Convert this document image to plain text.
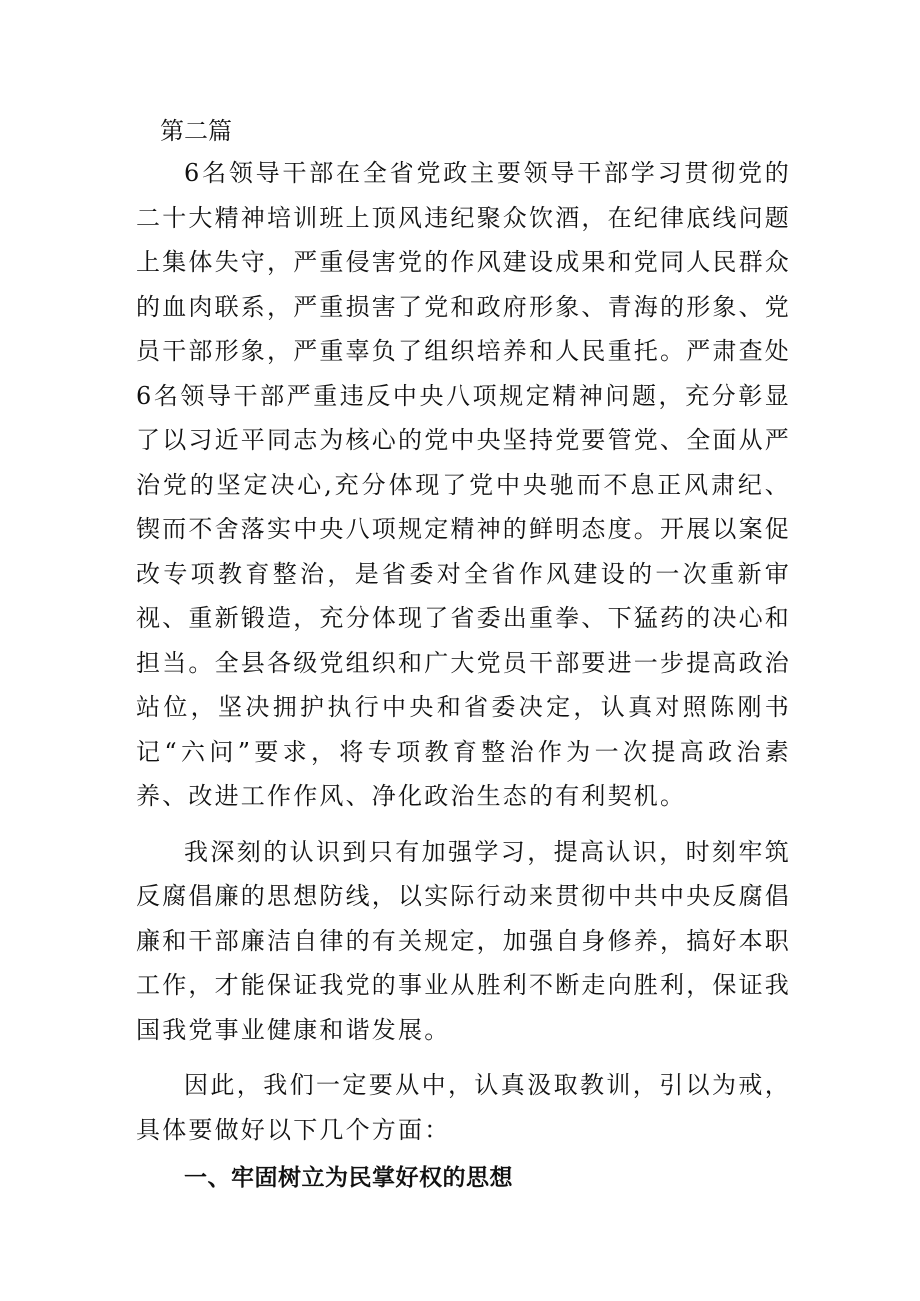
第二篇

6名领导干部在全省党政主要领导干部学习贯彻党的二十大精神培训班上顶风违纪聚众饮酒，在纪律底线问题上集体失守，严重侵害党的作风建设成果和党同人民群众的血肉联系，严重损害了党和政府形象、青海的形象、党员干部形象，严重辜负了组织培养和人民重托。严肃查处6名领导干部严重违反中央八项规定精神问题，充分彰显了以习近平同志为核心的党中央坚持党要管党、全面从严治党的坚定决心,充分体现了党中央驰而不息正风肃纪、锲而不舍落实中央八项规定精神的鲜明态度。开展以案促改专项教育整治，是省委对全省作风建设的一次重新审视、重新锻造，充分体现了省委出重拳、下猛药的决心和担当。全县各级党组织和广大党员干部要进一步提高政治站位，坚决拥护执行中央和省委决定，认真对照陈刚书记“六问”要求，将专项教育整治作为一次提高政治素养、改进工作作风、净化政治生态的有利契机。

我深刻的认识到只有加强学习，提高认识，时刻牢筑反腐倡廉的思想防线，以实际行动来贯彻中共中央反腐倡廉和干部廉洁自律的有关规定，加强自身修养，搞好本职工作，才能保证我党的事业从胜利不断走向胜利，保证我国我党事业健康和谐发展。

因此，我们一定要从中，认真汲取教训，引以为戒，具体要做好以下几个方面：

一、牢固树立为民掌好权的思想
